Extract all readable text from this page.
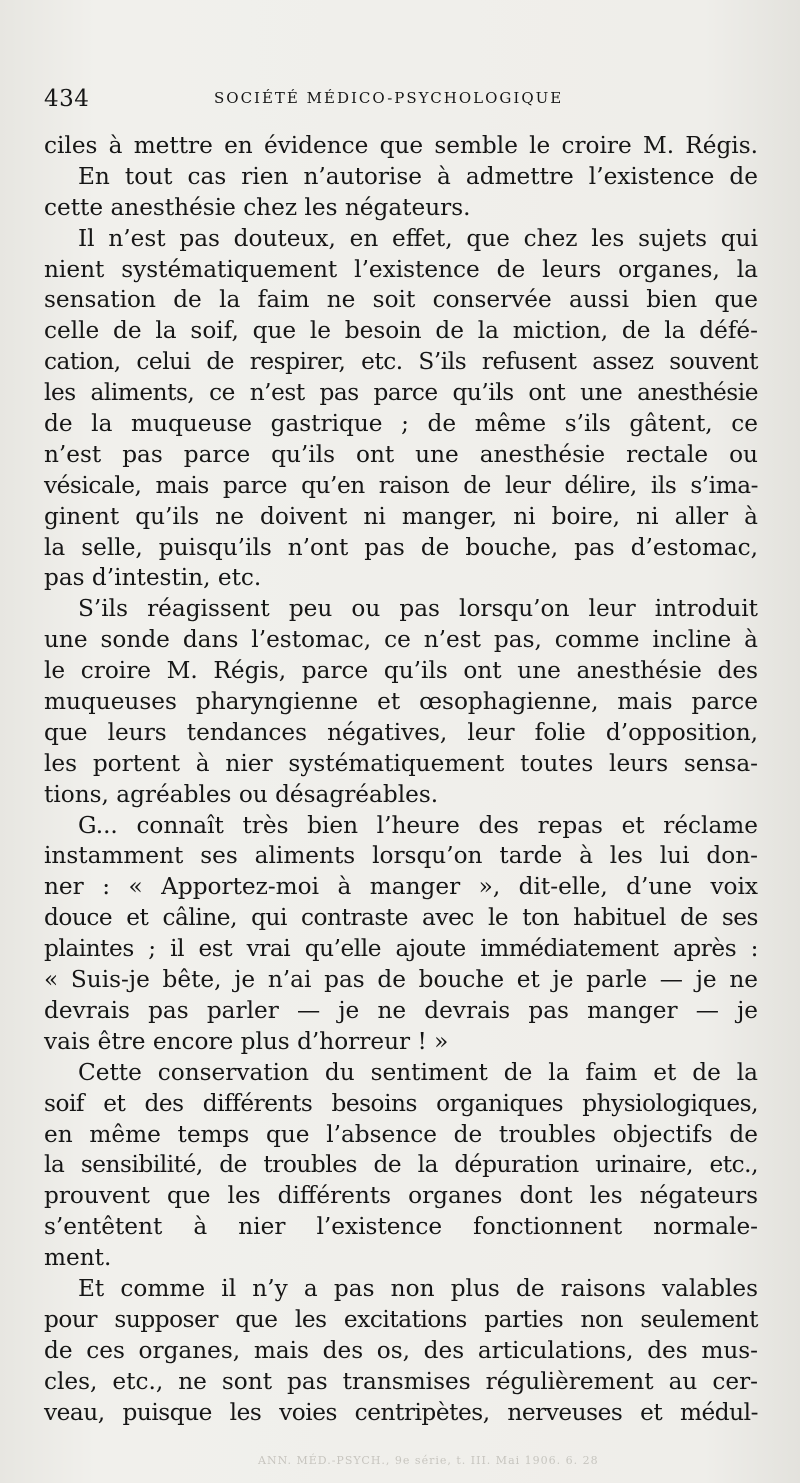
434	SOCIÉTÉ MÉDICO-PSYCHOLOGIQUE
ciles à mettre en évidence que semble le croire M. Régis.
En tout cas rien n’autorise à admettre l’existence de
cette anesthésie chez les négateurs.
Il n’est pas douteux, en effet, que chez les sujets qui
nient systématiquement l’existence de leurs organes, la
sensation de la faim ne soit conservée aussi bien que
celle de la soif, que le besoin de la miction, de la défé-
cation, celui de respirer, etc. S’ils refusent assez souvent
les aliments, ce n’est pas parce qu’ils ont une anesthésie
de la muqueuse gastrique ; de même s’ils gâtent, ce
n’est pas parce qu’ils ont une anesthésie rectale ou
vésicale, mais parce qu’en raison de leur délire, ils s’ima-
ginent qu’ils ne doivent ni manger, ni boire, ni aller à
la selle, puisqu’ils n’ont pas de bouche, pas d’estomac,
pas d’intestin, etc.
S’ils réagissent peu ou pas lorsqu’on leur introduit
une sonde dans l’estomac, ce n’est pas, comme incline à
le croire M. Régis, parce qu’ils ont une anesthésie des
muqueuses pharyngienne et œsophagienne, mais parce
que leurs tendances négatives, leur folie d’opposition,
les portent à nier systématiquement toutes leurs sensa-
tions, agréables ou désagréables.
G... connaît très bien l’heure des repas et réclame
instamment ses aliments lorsqu’on tarde à les lui don-
ner : « Apportez-moi à manger », dit-elle, d’une voix
douce et câline, qui contraste avec le ton habituel de ses
plaintes ; il est vrai qu’elle ajoute immédiatement après :
« Suis-je bête, je n’ai pas de bouche et je parle — je ne
devrais pas parler — je ne devrais pas manger — je
vais être encore plus d’horreur ! »
Cette conservation du sentiment de la faim et de la
soif et des différents besoins organiques physiologiques,
en même temps que l’absence de troubles objectifs de
la sensibilité, de troubles de la dépuration urinaire, etc.,
prouvent que les différents organes dont les négateurs
s’entêtent à nier l’existence fonctionnent normale-
ment.
Et comme il n’y a pas non plus de raisons valables
pour supposer que les excitations parties non seulement
de ces organes, mais des os, des articulations, des mus-
cles, etc., ne sont pas transmises régulièrement au cer-
veau, puisque les voies centripètes, nerveuses et médul-
ANN. MÉD.-PSYCH., 9e série, t. III. Mai 1906. 6. 28
